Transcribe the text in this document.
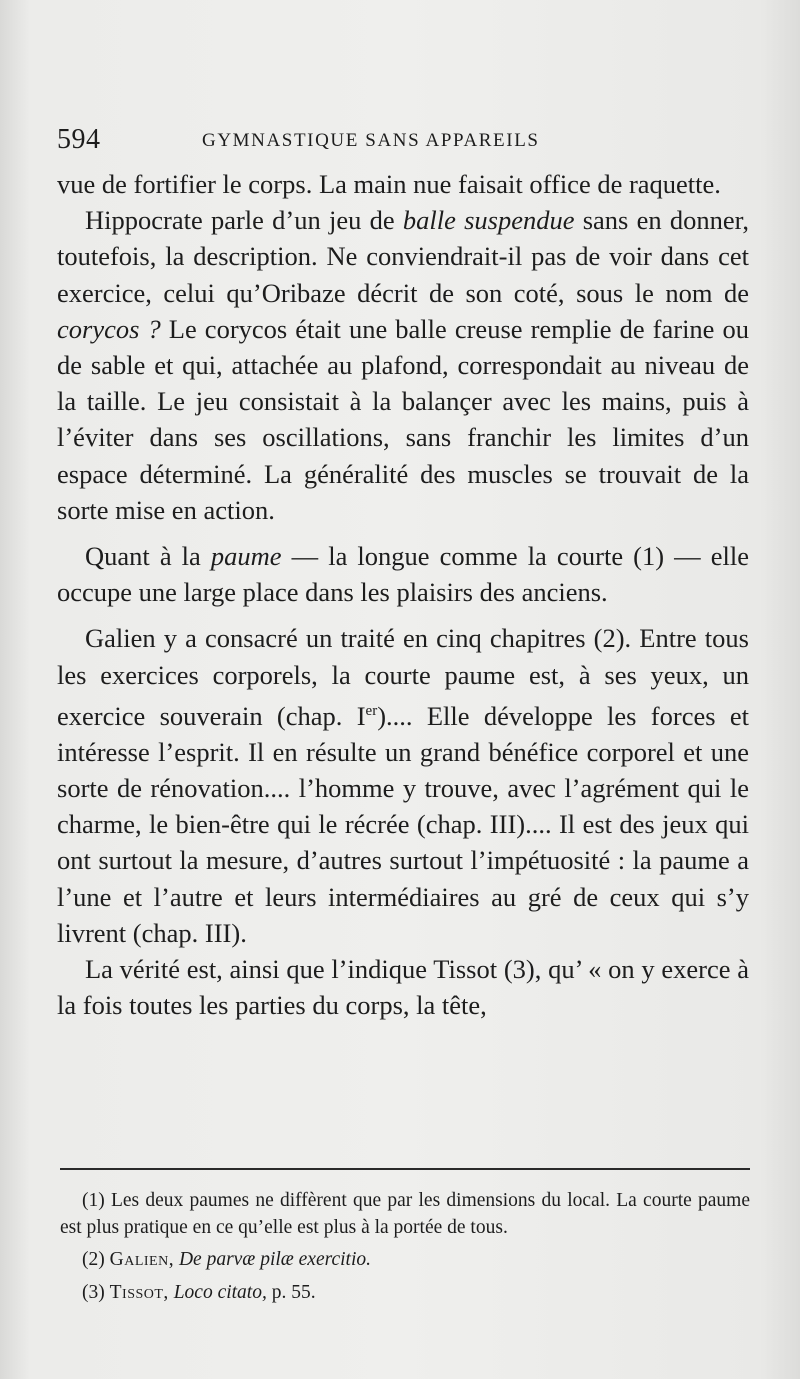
594	GYMNASTIQUE SANS APPAREILS

vue de fortifier le corps. La main nue faisait office de raquette.

Hippocrate parle d’un jeu de balle suspendue sans en donner, toutefois, la description. Ne conviendrait-il pas de voir dans cet exercice, celui qu’Oribaze décrit de son coté, sous le nom de corycos ? Le corycos était une balle creuse remplie de farine ou de sable et qui, attachée au plafond, correspondait au niveau de la taille. Le jeu consistait à la balançer avec les mains, puis à l’éviter dans ses oscillations, sans franchir les limites d’un espace déterminé. La généralité des muscles se trouvait de la sorte mise en action.

Quant à la paume — la longue comme la courte (1) — elle occupe une large place dans les plaisirs des anciens.

Galien y a consacré un traité en cinq chapitres (2). Entre tous les exercices corporels, la courte paume est, à ses yeux, un exercice souverain (chap. Ier).... Elle développe les forces et intéresse l’esprit. Il en résulte un grand bénéfice corporel et une sorte de rénovation.... l’homme y trouve, avec l’agrément qui le charme, le bien-être qui le récrée (chap. III).... Il est des jeux qui ont surtout la mesure, d’autres surtout l’impétuosité : la paume a l’une et l’autre et leurs intermédiaires au gré de ceux qui s’y livrent (chap. III).

La vérité est, ainsi que l’indique Tissot (3), qu’ « on y exerce à la fois toutes les parties du corps, la tête,

(1) Les deux paumes ne diffèrent que par les dimensions du local. La courte paume est plus pratique en ce qu’elle est plus à la portée de tous.

(2) Galien, De parvæ pilæ exercitio.

(3) Tissot, Loco citato, p. 55.
